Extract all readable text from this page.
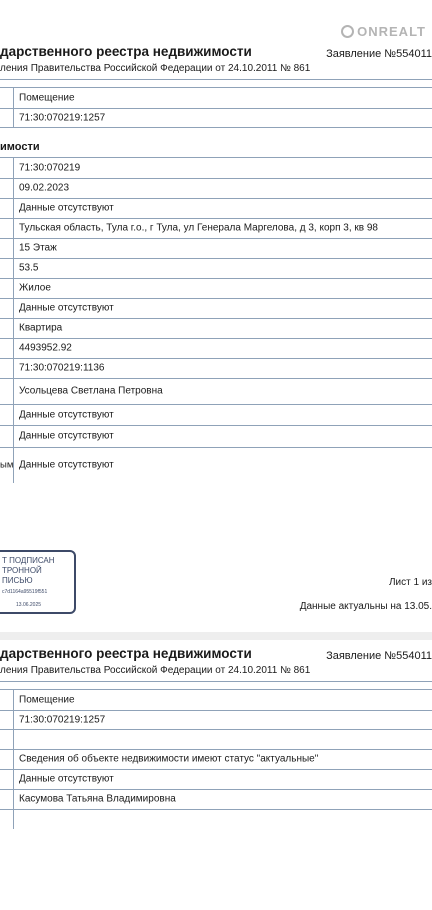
дарственного реестра недвижимости	Заявление №554011
ления Правительства Российской Федерации от 24.10.2011 № 861
Помещение
71:30:070219:1257
имости
71:30:070219
09.02.2023
Данные отсутствуют
Тульская область, Тула г.о., г Тула, ул Генерала Маргелова, д 3, корп 3, кв 98
15 Этаж
53.5
Жилое
Данные отсутствуют
Квартира
4493952.92
71:30:070219:1136
Усольцева Светлана Петровна
Данные отсутствуют
Данные отсутствуют
ым Данные отсутствуют
Т ПОДПИСАН
ТРОННОЙ
ПИСЬЮ
c7d1164a95519f551
13.06.2025
Лист 1 из
Данные актуальны на 13.05.
ONREALT
дарственного реестра недвижимости	Заявление №554011
ления Правительства Российской Федерации от 24.10.2011 № 861
Помещение
71:30:070219:1257
Сведения об объекте недвижимости имеют статус "актуальные"
Данные отсутствуют
Касумова Татьяна Владимировна
